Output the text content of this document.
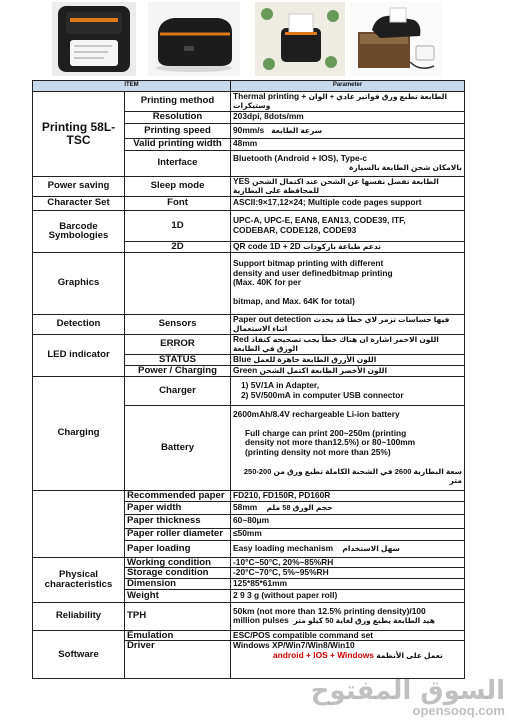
ITEM		Parameter
Printing 58L-TSC	Printing method	Thermal printing + الطابعة تطبع ورق فواتير عادي + الوان وستيكرات
	Resolution	203dpi, 8dots/mm
	Printing speed	90mm/s سرعة الطابعة
	Valid printing width	48mm
	Interface	Bluetooth (Android + IOS), Type-c
بالامكان شحن الطابعة بالسيارة

Power saving	Sleep mode	YES الطابعة تفصل نفسها عن الشحن عند اكتمال الشحن للمحافظة على البطارية
Character Set	Font	ASCII:9×17,12×24; Multiple code pages support
Barcode Symbologies	1D	UPC-A, UPC-E, EAN8, EAN13, CODE39, ITF,
CODEBAR, CODE128, CODE93

	2D	QR code 1D + 2D تدعم طباعة باركودات
Graphics		Support bitmap printing with different
density and user definedbitmap printing
(Max. 40K for per

bitmap, and Max. 64K for total)

Detection	Sensors	Paper out detection فيها حساسات تزمر لاي خطأ قد يحدث اثناء الاستعمال
LED indicator	ERROR	Red اللون الاحمر اشارة ان هناك خطأ يجب تصحيحه كنفاذ الورق في الطابعة
	STATUS	Blue اللون الأزرق الطابعة جاهزة للعمل
	Power / Charging	Green اللون الأخضر الطابعة اكتمل الشحن
Charging	Charger	1) 5V/1A in Adapter,
2) 5V/500mA in computer USB connector

	Battery	2600mAh/8.4V rechargeable Li-ion battery

Full charge can print 200~250m (printing
density not more than12.5%) or 80~100mm
(printing density not more than 25%)

سعة البطارية 2600 في الشحنة الكاملة تطبع ورق من 200-250 متر

	Recommended paper	FD210, FD150R, PD160R
	Paper width	58mm حجم الورق 58 ملم
	Paper thickness	60~80μm
	Paper roller diameter	≤50mm
	Paper loading	Easy loading mechanism سهل الاستخدام
Physical characteristics	Working condition	-10°C~50°C, 20%~85%RH
	Storage condition	-20°C~70°C, 5%~95%RH
	Dimension	125*85*61mm
	Weight	2 9 3 g (without paper roll)
Reliability	TPH	50km (not more than 12.5% printing density)/100
million pulses هيد الطابعة يطبع ورق لغاية 50 كيلو متر

Software	Emulation	ESC/POS compatible command set
	Driver	Windows XP/Win7/Win8/Win10
android + IOS + Windows تعمل على الأنظمة
السوق المفتوح
opensooq.com
